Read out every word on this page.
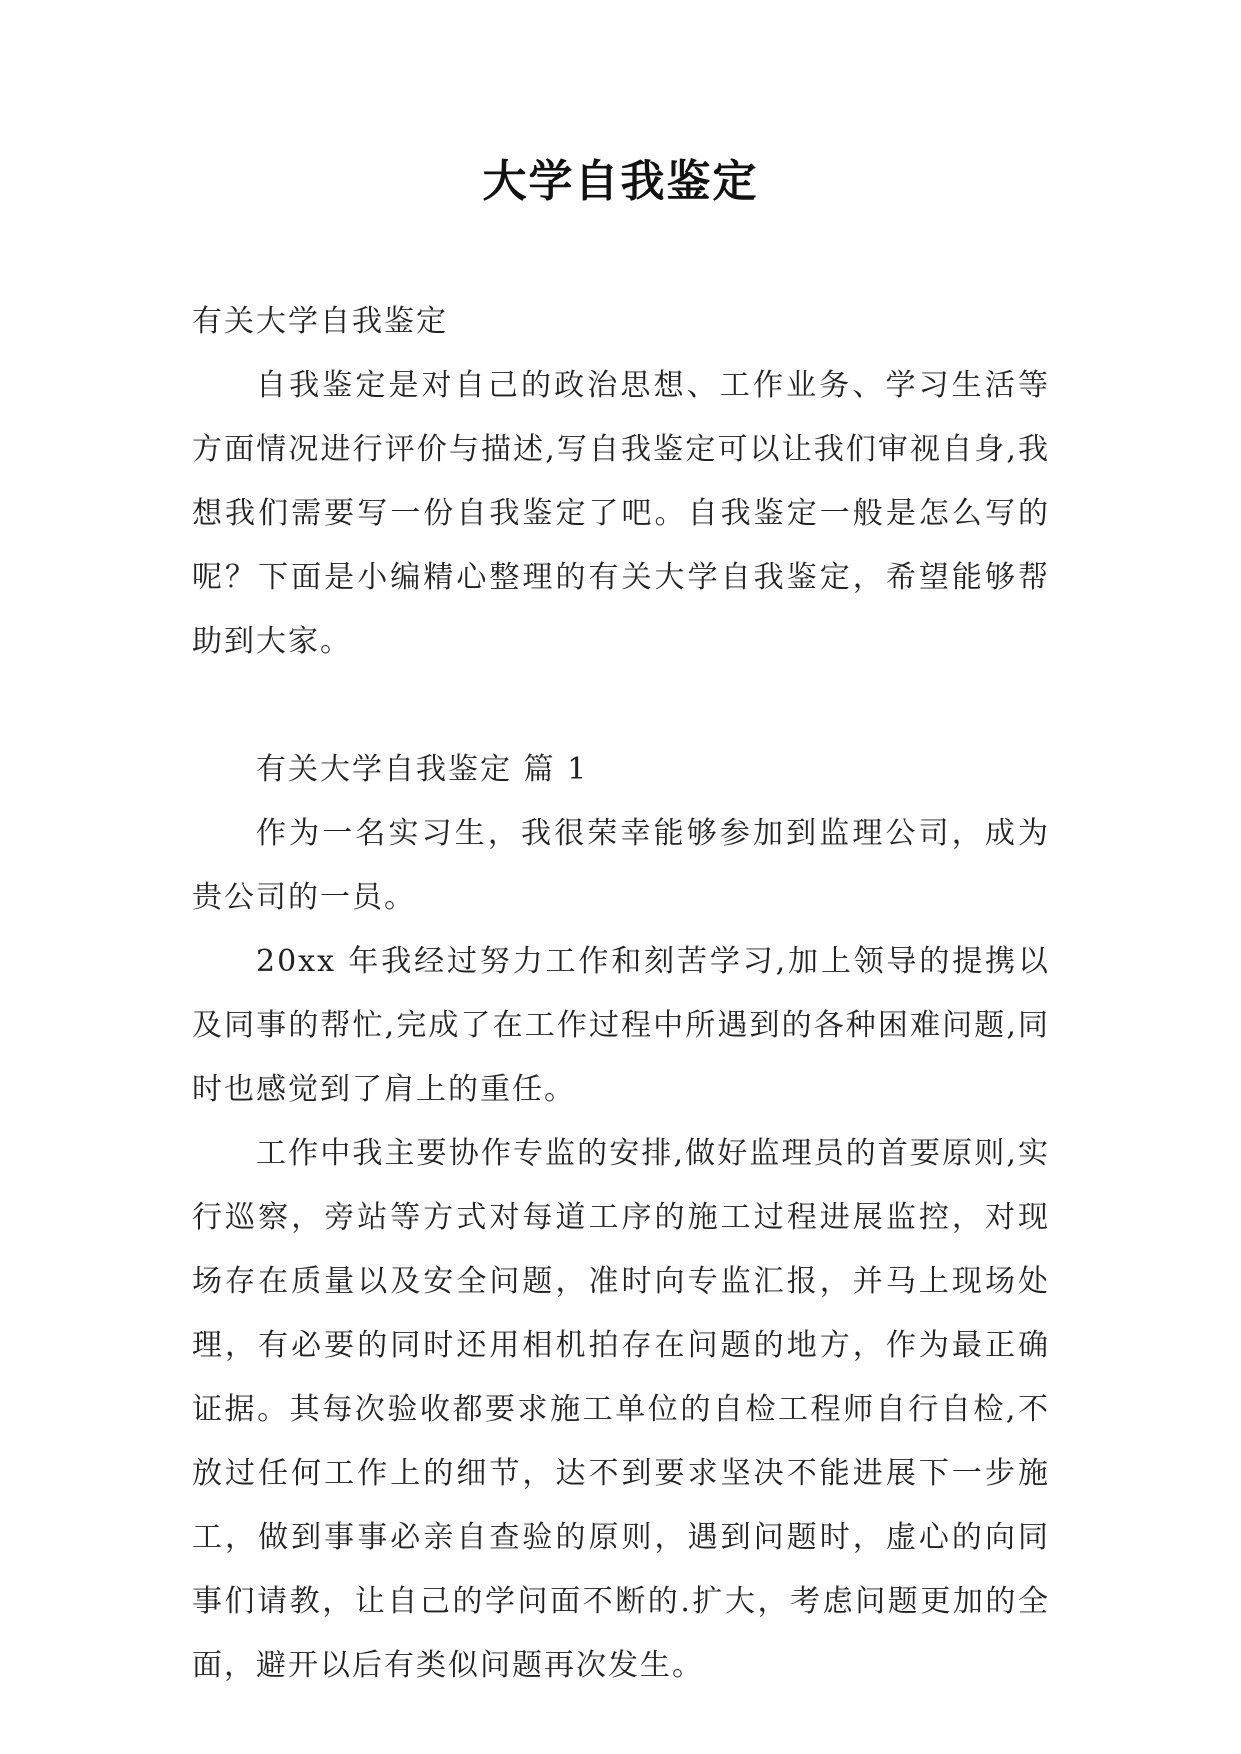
大学自我鉴定

有关大学自我鉴定

自我鉴定是对自己的政治思想、工作业务、学习生活等方面情况进行评价与描述,写自我鉴定可以让我们审视自身,我想我们需要写一份自我鉴定了吧。自我鉴定一般是怎么写的呢？下面是小编精心整理的有关大学自我鉴定，希望能够帮助到大家。

有关大学自我鉴定 篇 1

作为一名实习生，我很荣幸能够参加到监理公司，成为贵公司的一员。

20xx 年我经过努力工作和刻苦学习,加上领导的提携以及同事的帮忙,完成了在工作过程中所遇到的各种困难问题,同时也感觉到了肩上的重任。

工作中我主要协作专监的安排,做好监理员的首要原则,实行巡察，旁站等方式对每道工序的施工过程进展监控，对现场存在质量以及安全问题，准时向专监汇报，并马上现场处理，有必要的同时还用相机拍存在问题的地方，作为最正确证据。其每次验收都要求施工单位的自检工程师自行自检,不放过任何工作上的细节，达不到要求坚决不能进展下一步施工，做到事事必亲自查验的原则，遇到问题时，虚心的向同事们请教，让自己的学问面不断的.扩大，考虑问题更加的全面，避开以后有类似问题再次发生。
